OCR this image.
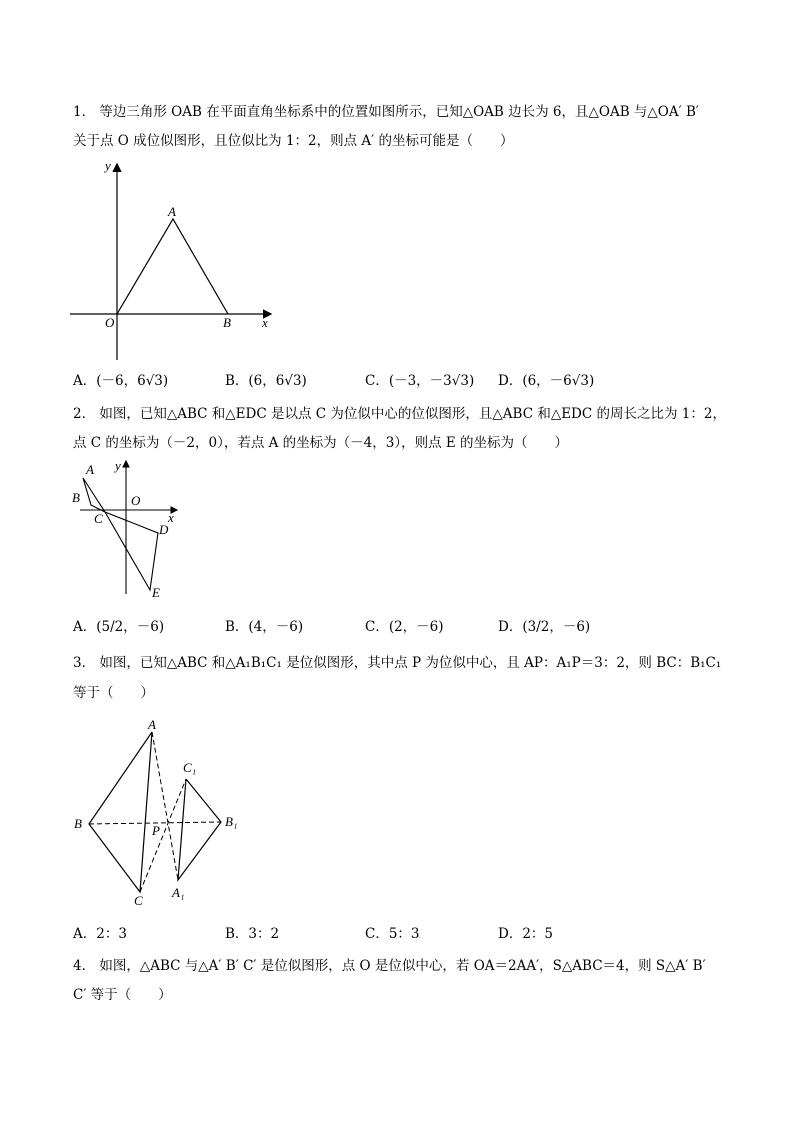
1． 等边三角形 OAB 在平面直角坐标系中的位置如图所示，已知△OAB 边长为 6，且△OAB 与△OA′ B′
关于点 O 成位似图形，且位似比为 1：2，则点 A′ 的坐标可能是（　　）
y
x
O
A
B
A．(－6，6√3)	B．(6，6√3)	C．(－3，－3√3) D．(6，－6√3)
2． 如图，已知△ABC 和△EDC 是以点 C 为位似中心的位似图形，且△ABC 和△EDC 的周长之比为 1：2，
点 C 的坐标为（－2，0），若点 A 的坐标为（－4，3），则点 E 的坐标为（　　）
A y
B	O
x
C
D
E
A．(5/2，－6)	B．(4，－6)	C．(2，－6)	D．(3/2，－6)
3． 如图，已知△ABC 和△A₁B₁C₁ 是位似图形，其中点 P 为位似中心，且 AP：A₁P＝3：2，则 BC：B₁C₁
等于（　　）
A
C₁
B	P
B₁
A₁
C
A．2：3	B．3：2	C．5：3	D．2：5
4． 如图，△ABC 与△A′ B′ C′ 是位似图形，点 O 是位似中心，若 OA＝2AA′，S△ABC＝4，则 S△A′ B′
C′ 等于（　　）
